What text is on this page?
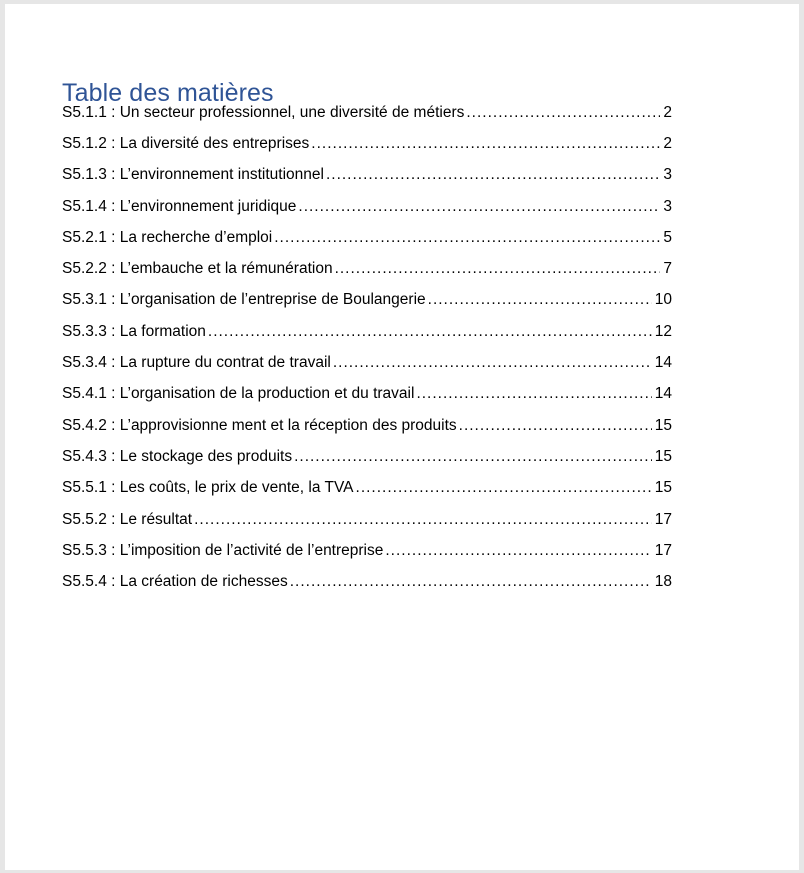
Table des matières
S5.1.1 : Un secteur professionnel, une diversité de métiers .....	2
S5.1.2 : La diversité des entreprises .....	2
S5.1.3 : L’environnement institutionnel .....	3
S5.1.4 : L’environnement juridique .....	3
S5.2.1 : La recherche d’emploi .....	5
S5.2.2 : L’embauche et la rémunération .....	7
S5.3.1 : L’organisation de l’entreprise de Boulangerie .....	10
S5.3.3 : La formation .....	12
S5.3.4 : La rupture du contrat de travail .....	14
S5.4.1 : L’organisation de la production et du travail .....	14
S5.4.2 : L’approvisionne ment et la réception des produits .....	15
S5.4.3 : Le stockage des produits .....	15
S5.5.1 : Les coûts, le prix de vente, la TVA .....	15
S5.5.2 : Le résultat .....	17
S5.5.3 : L’imposition de l’activité de l’entreprise .....	17
S5.5.4 : La création de richesses .....	18
